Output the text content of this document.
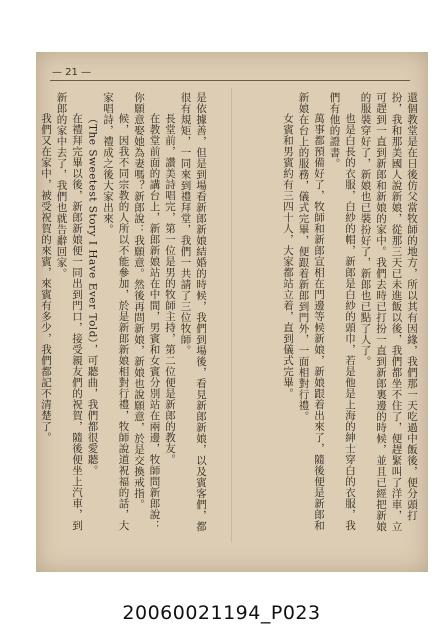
— 21 —

還個教堂是在日後仿父當牧師的地方，所以其有因緣，我們那一天吃過中飯後，便分頭打扮，我和那美國人說新娘，從那三天已未進飯以後，我們都坐不住了，便趕緊叫了洋車，立可趕到一直到新郎和新娘的家中。我們去時已打扮一直到新郎裏邊的時候，並且已經把新娘的服裝穿好了，新娘也已裝扮好了，新郎也已點了人了。

也是白長的衣服，白紗的帽，新郎是白紗的頭巾，若是他是上海的紳士穿白的衣服，我們有他的證書。

萬事都預備好了，牧師和新郎宣相在門邊等候新娘，新娘跟着出來了，隨後便是新郎和新娘在台上的服務，儀式完畢，便跟着新郎到門外，一面相對行禮。

女賓和男賓約有三四十人，大家都站立着，直到儀式完畢。

是依據善，但是到場看新郎新娘結婚的時候，我們到場後，看見新郎新娘，以及賓客們，都很有規矩，一同來到禮拜堂，我們一共請了三位牧師。

長堂前，讚美詩唱完，第一位是男的牧師主持，第二位便是新郎的教友。

在教堂前面的講台上，新郎新娘站在中間，男賓和女賓分別站在兩邊，牧師問新郎說：你願意娶她為妻嗎？新郎說：我願意。然後再問新娘，新娘也說願意，於是交換戒指。

候，因我不同宗教的人所以不能參加，於是新郎新娘相對行禮，牧師說道祝福的話，大家唱詩，禮成之後大家出來。

（The Sweetest Story I Have Ever Told），可聽曲，我們都很愛聽。

在禮拜完畢以後，新郎新娘便一同出到門口，接受親友們的祝賀，隨後便坐上汽車，到新郎的家中去了，我們也就告辭回家。

我們又在家中，被受祝賀的來賓，來賓有多少，我們都記不清楚了。

20060021194_P023
